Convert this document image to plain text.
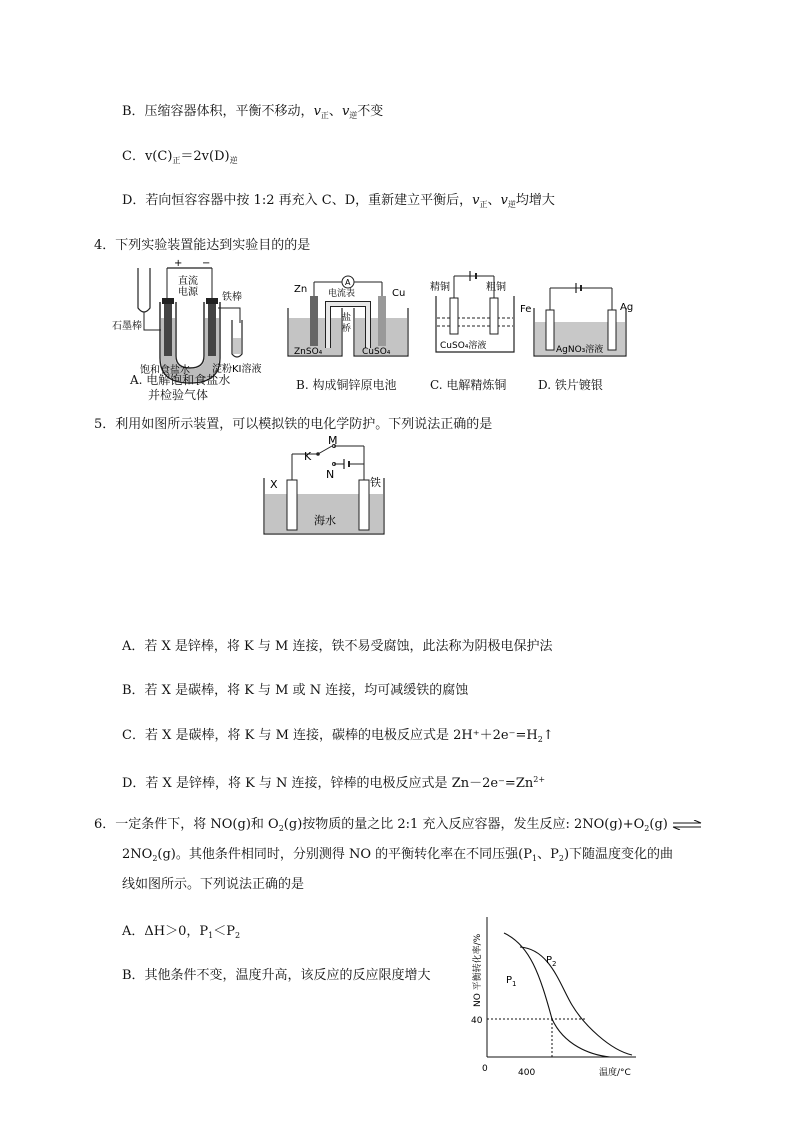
B．压缩容器体积，平衡不移动，$v_正$、$v_逆$不变
C．$v(C)_正=2v(D)_逆$
D．若向恒容容器中按 1:2 再充入 C、D，重新建立平衡后，$v_正$、$v_逆$均增大
4．下列实验装置能达到实验目的的是
+ −
直流电源 铁棒
石墨棒
饱和食盐水 淀粉KI溶液
A. 电解饱和食盐水
并检验气体
A
Zn 电流表	Cu
盐桥
ZnSO₄	CuSO₄
B. 构成铜锌原电池
精铜	粗铜
CuSO₄溶液
C. 电解精炼铜
Fe	Ag
AgNO₃溶液
D. 铁片镀银
5．利用如图所示装置，可以模拟铁的电化学防护。下列说法正确的是
M
K
N
X	铁
海水
A．若 X 是锌棒，将 K 与 M 连接，铁不易受腐蚀，此法称为阴极电保护法
B．若 X 是碳棒，将 K 与 M 或 N 连接，均可减缓铁的腐蚀
C．若 X 是碳棒，将 K 与 M 连接，碳棒的电极反应式是 $2H^++2e^-=H_2↑$
D．若 X 是锌棒，将 K 与 N 连接，锌棒的电极反应式是 $Zn-2e^-=Zn^{2+}$
6．一定条件下，将 NO(g)和 $O_2(g)$按物质的量之比 2:1 充入反应容器，发生反应: $2NO(g)+O_2(g)$ ⇌
$2NO_2(g)$。其他条件相同时，分别测得 NO 的平衡转化率在不同压强($P_1$、$P_2$)下随温度变化的曲
线如图所示。下列说法正确的是
A．ΔH＞0，$P_1<P_2$
B．其他条件不变，温度升高，该反应的反应限度增大	$P_1$
$P_2$
40
0	400	温度/°C
NO 平衡转化率/%
